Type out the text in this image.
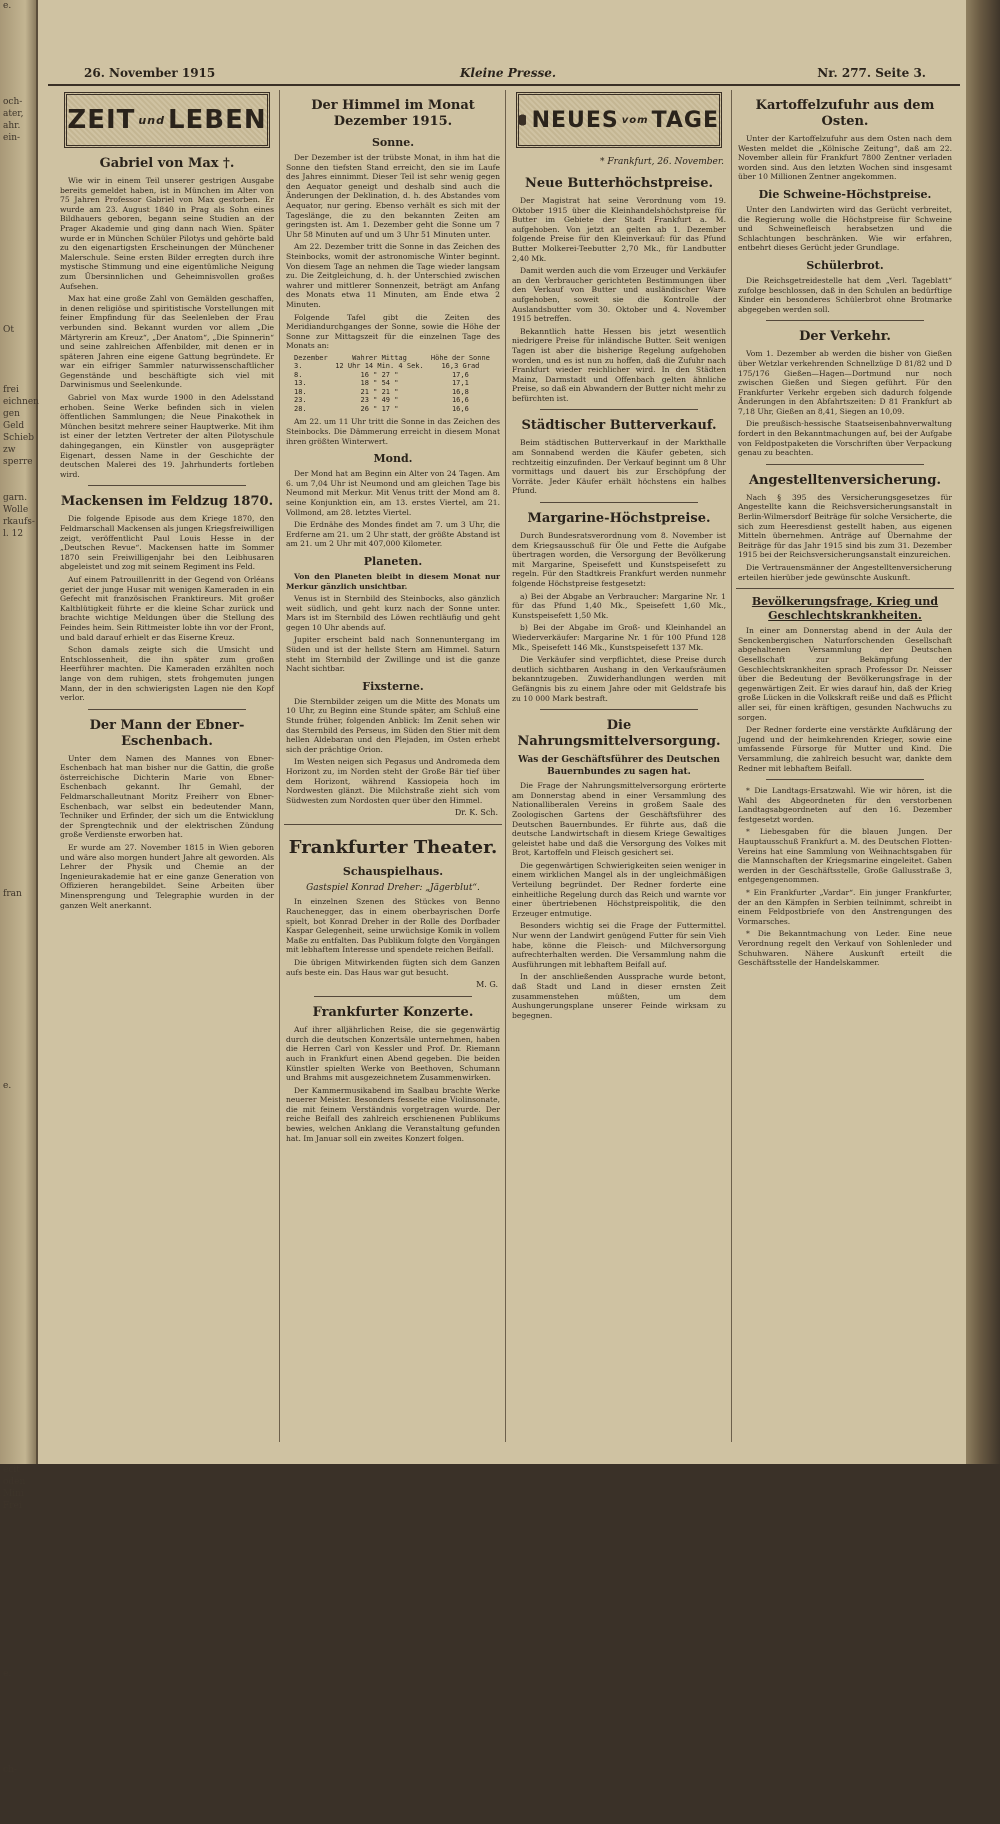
e.

och-
ater,
ahr.
ein-

Ot

frei
eichnen
gen
Geld
Schieb
zw
sperre

garn.
Wolle
rkaufs-
l. 12

fran

e.

ecit
oden
Mini
Frei

e.

ch-

26. November 1915	Kleine Presse.	Nr. 277. Seite 3.
ZEIT und LEBEN
Gabriel von Max †.

Wie wir in einem Teil unserer gestrigen Ausgabe bereits gemeldet haben, ist in München im Alter von 75 Jahren Professor Gabriel von Max gestorben. Er wurde am 23. August 1840 in Prag als Sohn eines Bildhauers geboren, begann seine Studien an der Prager Akademie und ging dann nach Wien. Später wurde er in München Schüler Pilotys und gehörte bald zu den eigenartigsten Erscheinungen der Münchener Malerschule. Seine ersten Bilder erregten durch ihre mystische Stimmung und eine eigentümliche Neigung zum Übersinnlichen und Geheimnisvollen großes Aufsehen.

Max hat eine große Zahl von Gemälden geschaffen, in denen religiöse und spiritistische Vorstellungen mit feiner Empfindung für das Seelenleben der Frau verbunden sind. Bekannt wurden vor allem „Die Märtyrerin am Kreuz“, „Der Anatom“, „Die Spinnerin“ und seine zahlreichen Affenbilder, mit denen er in späteren Jahren eine eigene Gattung begründete. Er war ein eifriger Sammler naturwissenschaftlicher Gegenstände und beschäftigte sich viel mit Darwinismus und Seelenkunde.

Gabriel von Max wurde 1900 in den Adelsstand erhoben. Seine Werke befinden sich in vielen öffentlichen Sammlungen; die Neue Pinakothek in München besitzt mehrere seiner Hauptwerke. Mit ihm ist einer der letzten Vertreter der alten Pilotyschule dahingegangen, ein Künstler von ausgeprägter Eigenart, dessen Name in der Geschichte der deutschen Malerei des 19. Jahrhunderts fortleben wird.

Mackensen im Feldzug 1870.

Die folgende Episode aus dem Kriege 1870, den Feldmarschall Mackensen als jungen Kriegsfreiwilligen zeigt, veröffentlicht Paul Louis Hesse in der „Deutschen Revue“. Mackensen hatte im Sommer 1870 sein Freiwilligenjahr bei den Leibhusaren abgeleistet und zog mit seinem Regiment ins Feld.

Auf einem Patrouillenritt in der Gegend von Orléans geriet der junge Husar mit wenigen Kameraden in ein Gefecht mit französischen Franktireurs. Mit großer Kaltblütigkeit führte er die kleine Schar zurück und brachte wichtige Meldungen über die Stellung des Feindes heim. Sein Rittmeister lobte ihn vor der Front, und bald darauf erhielt er das Eiserne Kreuz.

Schon damals zeigte sich die Umsicht und Entschlossenheit, die ihn später zum großen Heerführer machten. Die Kameraden erzählten noch lange von dem ruhigen, stets frohgemuten jungen Mann, der in den schwierigsten Lagen nie den Kopf verlor.

Der Mann der Ebner-Eschenbach.

Unter dem Namen des Mannes von Ebner-Eschenbach hat man bisher nur die Gattin, die große österreichische Dichterin Marie von Ebner-Eschenbach gekannt. Ihr Gemahl, der Feldmarschalleutnant Moritz Freiherr von Ebner-Eschenbach, war selbst ein bedeutender Mann, Techniker und Erfinder, der sich um die Entwicklung der Sprengtechnik und der elektrischen Zündung große Verdienste erworben hat.

Er wurde am 27. November 1815 in Wien geboren und wäre also morgen hundert Jahre alt geworden. Als Lehrer der Physik und Chemie an der Ingenieurakademie hat er eine ganze Generation von Offizieren herangebildet. Seine Arbeiten über Minensprengung und Telegraphie wurden in der ganzen Welt anerkannt.

Der Himmel im Monat Dezember 1915.
Sonne.

Der Dezember ist der trübste Monat, in ihm hat die Sonne den tiefsten Stand erreicht, den sie im Laufe des Jahres einnimmt. Dieser Teil ist sehr wenig gegen den Aequator geneigt und deshalb sind auch die Änderungen der Deklination, d. h. des Abstandes vom Aequator, nur gering. Ebenso verhält es sich mit der Tageslänge, die zu den bekannten Zeiten am geringsten ist. Am 1. Dezember geht die Sonne um 7 Uhr 58 Minuten auf und um 3 Uhr 51 Minuten unter.

Am 22. Dezember tritt die Sonne in das Zeichen des Steinbocks, womit der astronomische Winter beginnt. Von diesem Tage an nehmen die Tage wieder langsam zu. Die Zeitgleichung, d. h. der Unterschied zwischen wahrer und mittlerer Sonnenzeit, beträgt am Anfang des Monats etwa 11 Minuten, am Ende etwa 2 Minuten.

Folgende Tafel gibt die Zeiten des Meridiandurchganges der Sonne, sowie die Höhe der Sonne zur Mittagszeit für die einzelnen Tage des Monats an:

Dezember	Wahrer Mittag	Höhe der Sonne
3.	12 Uhr 14 Min. 4 Sek.	16,3 Grad
8.	16 " 27 "	17,6
13.	18 " 54 "	17,1
18.	21 " 21 "	16,8
23.	23 " 49 "	16,6
28.	26 " 17 "	16,6

Am 22. um 11 Uhr tritt die Sonne in das Zeichen des Steinbocks. Die Dämmerung erreicht in diesem Monat ihren größten Winterwert.

Mond.

Der Mond hat am Beginn ein Alter von 24 Tagen. Am 6. um 7,04 Uhr ist Neumond und am gleichen Tage bis Neumond mit Merkur. Mit Venus tritt der Mond am 8. seine Konjunktion ein, am 13. erstes Viertel, am 21. Vollmond, am 28. letztes Viertel.

Die Erdnähe des Mondes findet am 7. um 3 Uhr, die Erdferne am 21. um 2 Uhr statt, der größte Abstand ist am 21. um 2 Uhr mit 407,000 Kilometer.

Planeten.

Von den Planeten bleibt in diesem Monat nur Merkur gänzlich unsichtbar.

Venus ist in Sternbild des Steinbocks, also gänzlich weit südlich, und geht kurz nach der Sonne unter. Mars ist im Sternbild des Löwen rechtläufig und geht gegen 10 Uhr abends auf.

Jupiter erscheint bald nach Sonnenuntergang im Süden und ist der hellste Stern am Himmel. Saturn steht im Sternbild der Zwillinge und ist die ganze Nacht sichtbar.

Fixsterne.

Die Sternbilder zeigen um die Mitte des Monats um 10 Uhr, zu Beginn eine Stunde später, am Schluß eine Stunde früher, folgenden Anblick: Im Zenit sehen wir das Sternbild des Perseus, im Süden den Stier mit dem hellen Aldebaran und den Plejaden, im Osten erhebt sich der prächtige Orion.

Im Westen neigen sich Pegasus und Andromeda dem Horizont zu, im Norden steht der Große Bär tief über dem Horizont, während Kassiopeia hoch im Nordwesten glänzt. Die Milchstraße zieht sich vom Südwesten zum Nordosten quer über den Himmel.

Dr. K. Sch.
Frankfurter Theater.
Schauspielhaus.
Gastspiel Konrad Dreher: „Jägerblut“.

In einzelnen Szenen des Stückes von Benno Rauchenegger, das in einem oberbayrischen Dorfe spielt, bot Konrad Dreher in der Rolle des Dorfbader Kaspar Gelegenheit, seine urwüchsige Komik in vollem Maße zu entfalten. Das Publikum folgte den Vorgängen mit lebhaftem Interesse und spendete reichen Beifall.

Die übrigen Mitwirkenden fügten sich dem Ganzen aufs beste ein. Das Haus war gut besucht.

M. G.
Frankfurter Konzerte.

Auf ihrer alljährlichen Reise, die sie gegenwärtig durch die deutschen Konzertsäle unternehmen, haben die Herren Carl von Kessler und Prof. Dr. Riemann auch in Frankfurt einen Abend gegeben. Die beiden Künstler spielten Werke von Beethoven, Schumann und Brahms mit ausgezeichnetem Zusammenwirken.

Der Kammermusikabend im Saalbau brachte Werke neuerer Meister. Besonders fesselte eine Violinsonate, die mit feinem Verständnis vorgetragen wurde. Der reiche Beifall des zahlreich erschienenen Publikums bewies, welchen Anklang die Veranstaltung gefunden hat. Im Januar soll ein zweites Konzert folgen.

NEUES vom TAGE
* Frankfurt, 26. November.
Neue Butterhöchstpreise.

Der Magistrat hat seine Verordnung vom 19. Oktober 1915 über die Kleinhandelshöchstpreise für Butter im Gebiete der Stadt Frankfurt a. M. aufgehoben. Von jetzt an gelten ab 1. Dezember folgende Preise für den Kleinverkauf: für das Pfund Butter Molkerei-Teebutter 2,70 Mk., für Landbutter 2,40 Mk.

Damit werden auch die vom Erzeuger und Verkäufer an den Verbraucher gerichteten Bestimmungen über den Verkauf von Butter und ausländischer Ware aufgehoben, soweit sie die Kontrolle der Auslandsbutter vom 30. Oktober und 4. November 1915 betreffen.

Bekanntlich hatte Hessen bis jetzt wesentlich niedrigere Preise für inländische Butter. Seit wenigen Tagen ist aber die bisherige Regelung aufgehoben worden, und es ist nun zu hoffen, daß die Zufuhr nach Frankfurt wieder reichlicher wird. In den Städten Mainz, Darmstadt und Offenbach gelten ähnliche Preise, so daß ein Abwandern der Butter nicht mehr zu befürchten ist.

Städtischer Butterverkauf.

Beim städtischen Butterverkauf in der Markthalle am Sonnabend werden die Käufer gebeten, sich rechtzeitig einzufinden. Der Verkauf beginnt um 8 Uhr vormittags und dauert bis zur Erschöpfung der Vorräte. Jeder Käufer erhält höchstens ein halbes Pfund.

Margarine-Höchstpreise.

Durch Bundesratsverordnung vom 8. November ist dem Kriegsausschuß für Öle und Fette die Aufgabe übertragen worden, die Versorgung der Bevölkerung mit Margarine, Speisefett und Kunstspeisefett zu regeln. Für den Stadtkreis Frankfurt werden nunmehr folgende Höchstpreise festgesetzt:

a) Bei der Abgabe an Verbraucher: Margarine Nr. 1 für das Pfund 1,40 Mk., Speisefett 1,60 Mk., Kunstspeisefett 1,50 Mk.

b) Bei der Abgabe im Groß- und Kleinhandel an Wiederverkäufer: Margarine Nr. 1 für 100 Pfund 128 Mk., Speisefett 146 Mk., Kunstspeisefett 137 Mk.

Die Verkäufer sind verpflichtet, diese Preise durch deutlich sichtbaren Aushang in den Verkaufsräumen bekanntzugeben. Zuwiderhandlungen werden mit Gefängnis bis zu einem Jahre oder mit Geldstrafe bis zu 10 000 Mark bestraft.

Die Nahrungsmittelversorgung.
Was der Geschäftsführer des Deutschen Bauernbundes zu sagen hat.

Die Frage der Nahrungsmittelversorgung erörterte am Donnerstag abend in einer Versammlung des Nationalliberalen Vereins in großem Saale des Zoologischen Gartens der Geschäftsführer des Deutschen Bauernbundes. Er führte aus, daß die deutsche Landwirtschaft in diesem Kriege Gewaltiges geleistet habe und daß die Versorgung des Volkes mit Brot, Kartoffeln und Fleisch gesichert sei.

Die gegenwärtigen Schwierigkeiten seien weniger in einem wirklichen Mangel als in der ungleichmäßigen Verteilung begründet. Der Redner forderte eine einheitliche Regelung durch das Reich und warnte vor einer übertriebenen Höchstpreispolitik, die den Erzeuger entmutige.

Besonders wichtig sei die Frage der Futtermittel. Nur wenn der Landwirt genügend Futter für sein Vieh habe, könne die Fleisch- und Milchversorgung aufrechterhalten werden. Die Versammlung nahm die Ausführungen mit lebhaftem Beifall auf.

In der anschließenden Aussprache wurde betont, daß Stadt und Land in dieser ernsten Zeit zusammenstehen müßten, um dem Aushungerungsplane unserer Feinde wirksam zu begegnen.

Kartoffelzufuhr aus dem Osten.

Unter der Kartoffelzufuhr aus dem Osten nach dem Westen meldet die „Kölnische Zeitung“, daß am 22. November allein für Frankfurt 7800 Zentner verladen worden sind. Aus den letzten Wochen sind insgesamt über 10 Millionen Zentner angekommen.

Die Schweine-Höchstpreise.

Unter den Landwirten wird das Gerücht verbreitet, die Regierung wolle die Höchstpreise für Schweine und Schweinefleisch herabsetzen und die Schlachtungen beschränken. Wie wir erfahren, entbehrt dieses Gerücht jeder Grundlage.

Schülerbrot.

Die Reichsgetreidestelle hat dem „Verl. Tageblatt“ zufolge beschlossen, daß in den Schulen an bedürftige Kinder ein besonderes Schülerbrot ohne Brotmarke abgegeben werden soll.

Der Verkehr.

Vom 1. Dezember ab werden die bisher von Gießen über Wetzlar verkehrenden Schnellzüge D 81/82 und D 175/176 Gießen—Hagen—Dortmund nur noch zwischen Gießen und Siegen geführt. Für den Frankfurter Verkehr ergeben sich dadurch folgende Änderungen in den Abfahrtszeiten: D 81 Frankfurt ab 7,18 Uhr, Gießen an 8,41, Siegen an 10,09.

Die preußisch-hessische Staatseisenbahnverwaltung fordert in den Bekanntmachungen auf, bei der Aufgabe von Feldpostpaketen die Vorschriften über Verpackung genau zu beachten.

Angestelltenversicherung.

Nach § 395 des Versicherungsgesetzes für Angestellte kann die Reichsversicherungsanstalt in Berlin-Wilmersdorf Beiträge für solche Versicherte, die sich zum Heeresdienst gestellt haben, aus eigenen Mitteln übernehmen. Anträge auf Übernahme der Beiträge für das Jahr 1915 sind bis zum 31. Dezember 1915 bei der Reichsversicherungsanstalt einzureichen.

Die Vertrauensmänner der Angestelltenversicherung erteilen hierüber jede gewünschte Auskunft.

Bevölkerungsfrage, Krieg und Geschlechtskrankheiten.

In einer am Donnerstag abend in der Aula der Senckenbergischen Naturforschenden Gesellschaft abgehaltenen Versammlung der Deutschen Gesellschaft zur Bekämpfung der Geschlechtskrankheiten sprach Professor Dr. Neisser über die Bedeutung der Bevölkerungsfrage in der gegenwärtigen Zeit. Er wies darauf hin, daß der Krieg große Lücken in die Volkskraft reiße und daß es Pflicht aller sei, für einen kräftigen, gesunden Nachwuchs zu sorgen.

Der Redner forderte eine verstärkte Aufklärung der Jugend und der heimkehrenden Krieger, sowie eine umfassende Fürsorge für Mutter und Kind. Die Versammlung, die zahlreich besucht war, dankte dem Redner mit lebhaftem Beifall.

* Die Landtags-Ersatzwahl. Wie wir hören, ist die Wahl des Abgeordneten für den verstorbenen Landtagsabgeordneten auf den 16. Dezember festgesetzt worden.

* Liebesgaben für die blauen Jungen. Der Hauptausschuß Frankfurt a. M. des Deutschen Flotten-Vereins hat eine Sammlung von Weihnachtsgaben für die Mannschaften der Kriegsmarine eingeleitet. Gaben werden in der Geschäftsstelle, Große Gallusstraße 3, entgegengenommen.

* Ein Frankfurter „Vardar“. Ein junger Frankfurter, der an den Kämpfen in Serbien teilnimmt, schreibt in einem Feldpostbriefe von den Anstrengungen des Vormarsches.

* Die Bekanntmachung von Leder. Eine neue Verordnung regelt den Verkauf von Sohlenleder und Schuhwaren. Nähere Auskunft erteilt die Geschäftsstelle der Handelskammer.
